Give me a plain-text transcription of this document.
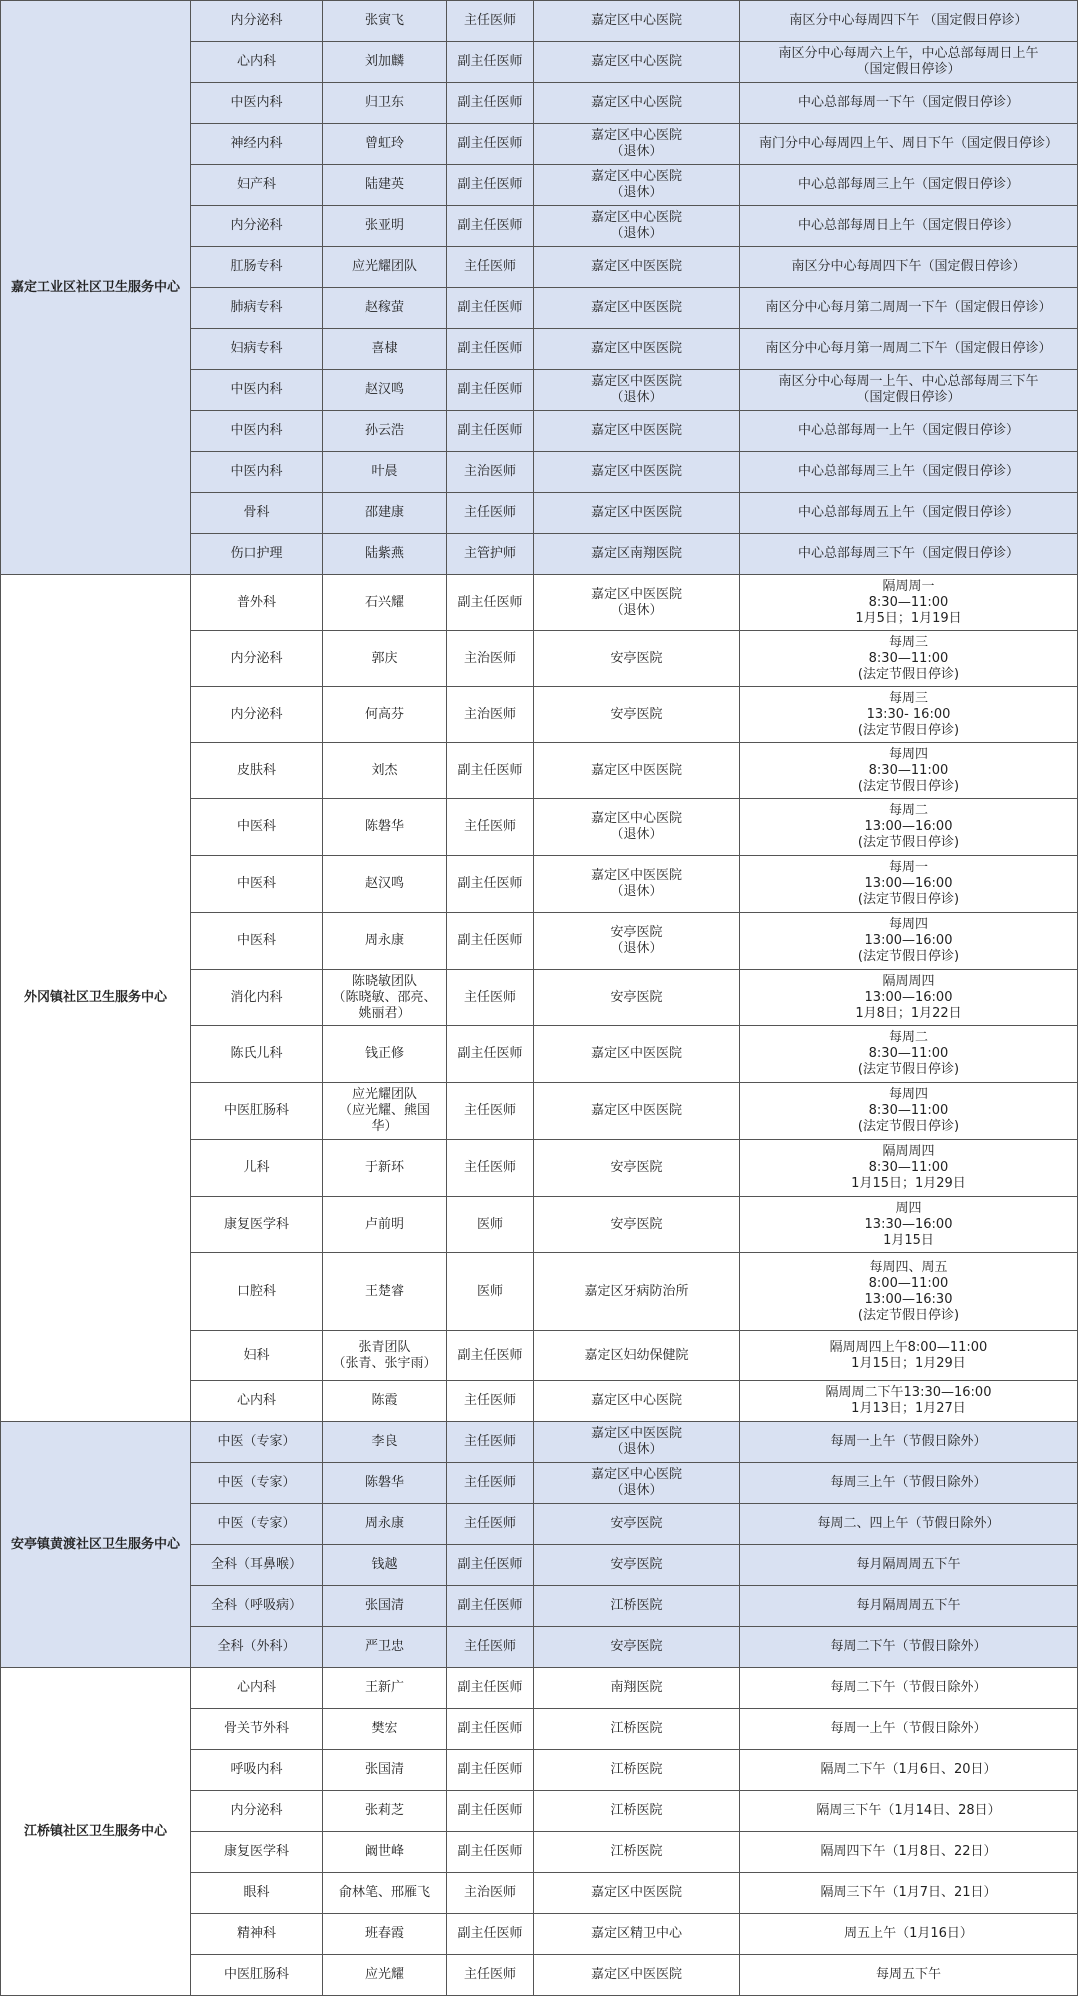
嘉定工业区社区卫生服务中心	内分泌科	张寅飞	主任医师	嘉定区中心医院	南区分中心每周四下午 （国定假日停诊）
	心内科	刘加麟	副主任医师	嘉定区中心医院	南区分中心每周六上午，中心总部每周日上午
（国定假日停诊）
	中医内科	归卫东	副主任医师	嘉定区中心医院	中心总部每周一下午（国定假日停诊）
	神经内科	曾虹玲	副主任医师	嘉定区中心医院
（退休）	南门分中心每周四上午、周日下午（国定假日停诊）
	妇产科	陆建英	副主任医师	嘉定区中心医院
（退休）	中心总部每周三上午（国定假日停诊）
	内分泌科	张亚明	副主任医师	嘉定区中心医院
（退休）	中心总部每周日上午（国定假日停诊）
	肛肠专科	应光耀团队	主任医师	嘉定区中医医院	南区分中心每周四下午（国定假日停诊）
	肺病专科	赵稼萤	副主任医师	嘉定区中医医院	南区分中心每月第二周周一下午（国定假日停诊）
	妇病专科	喜棣	副主任医师	嘉定区中医医院	南区分中心每月第一周周二下午（国定假日停诊）
	中医内科	赵汉鸣	副主任医师	嘉定区中医医院
（退休）	南区分中心每周一上午、中心总部每周三下午
（国定假日停诊）
	中医内科	孙云浩	副主任医师	嘉定区中医医院	中心总部每周一上午（国定假日停诊）
	中医内科	叶晨	主治医师	嘉定区中医医院	中心总部每周三上午（国定假日停诊）
	骨科	邵建康	主任医师	嘉定区中医医院	中心总部每周五上午（国定假日停诊）
	伤口护理	陆紫燕	主管护师	嘉定区南翔医院	中心总部每周三下午（国定假日停诊）
外冈镇社区卫生服务中心	普外科	石兴耀	副主任医师	嘉定区中医医院
（退休）	隔周周一
8:30—11:00
1月5日；1月19日
	内分泌科	郭庆	主治医师	安亭医院	每周三
8:30—11:00
(法定节假日停诊)
	内分泌科	何高芬	主治医师	安亭医院	每周三
13:30- 16:00
(法定节假日停诊)
	皮肤科	刘杰	副主任医师	嘉定区中医医院	每周四
8:30—11:00
(法定节假日停诊)
	中医科	陈磐华	主任医师	嘉定区中心医院
（退休）	每周二
13:00—16:00
(法定节假日停诊)
	中医科	赵汉鸣	副主任医师	嘉定区中医医院
（退休）	每周一
13:00—16:00
(法定节假日停诊)
	中医科	周永康	副主任医师	安亭医院
（退休）	每周四
13:00—16:00
(法定节假日停诊)
	消化内科	陈晓敏团队
（陈晓敏、邵亮、
姚丽君）	主任医师	安亭医院	隔周周四
13:00—16:00
1月8日；1月22日
	陈氏儿科	钱正修	副主任医师	嘉定区中医医院	每周二
8:30—11:00
(法定节假日停诊)
	中医肛肠科	应光耀团队
（应光耀、熊国
华）	主任医师	嘉定区中医医院	每周四
8:30—11:00
(法定节假日停诊)
	儿科	于新环	主任医师	安亭医院	隔周周四
8:30—11:00
1月15日；1月29日
	康复医学科	卢前明	医师	安亭医院	周四
13:30—16:00
1月15日
	口腔科	王楚睿	医师	嘉定区牙病防治所	每周四、周五
8:00—11:00
13:00—16:30
(法定节假日停诊)
	妇科	张青团队
（张青、张宇雨）	副主任医师	嘉定区妇幼保健院	隔周周四上午8:00—11:00
1月15日；1月29日
	心内科	陈霞	主任医师	嘉定区中心医院	隔周周二下午13:30—16:00
1月13日；1月27日
安亭镇黄渡社区卫生服务中心	中医（专家）	李良	主任医师	嘉定区中医医院
（退休）	每周一上午（节假日除外）
	中医（专家）	陈磐华	主任医师	嘉定区中心医院
（退休）	每周三上午（节假日除外）
	中医（专家）	周永康	主任医师	安亭医院	每周二、四上午（节假日除外）
	全科（耳鼻喉）	钱越	副主任医师	安亭医院	每月隔周周五下午
	全科（呼吸病）	张国清	副主任医师	江桥医院	每月隔周周五下午
	全科（外科）	严卫忠	主任医师	安亭医院	每周二下午（节假日除外）
江桥镇社区卫生服务中心	心内科	王新广	副主任医师	南翔医院	每周二下午（节假日除外）
	骨关节外科	樊宏	副主任医师	江桥医院	每周一上午（节假日除外）
	呼吸内科	张国清	副主任医师	江桥医院	隔周二下午（1月6日、20日）
	内分泌科	张莉芝	副主任医师	江桥医院	隔周三下午（1月14日、28日）
	康复医学科	阚世峰	副主任医师	江桥医院	隔周四下午（1月8日、22日）
	眼科	俞林笔、邢雁飞	主治医师	嘉定区中医医院	隔周三下午（1月7日、21日）
	精神科	班春霞	副主任医师	嘉定区精卫中心	周五上午（1月16日）
	中医肛肠科	应光耀	主任医师	嘉定区中医医院	每周五下午
